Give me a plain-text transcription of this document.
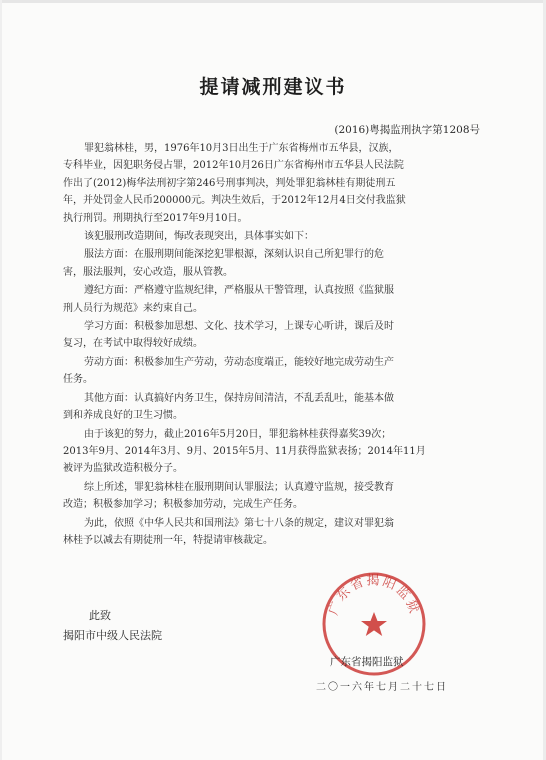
提请减刑建议书
(2016)粤揭监刑执字第1208号
罪犯翁林桂，男，1976年10月3日出生于广东省梅州市五华县，汉族，
专科毕业，因犯职务侵占罪，2012年10月26日广东省梅州市五华县人民法院
作出了(2012)梅华法刑初字第246号刑事判决，判处罪犯翁林桂有期徒刑五
年，并处罚金人民币200000元。判决生效后，于2012年12月4日交付我监狱
执行刑罚。刑期执行至2017年9月10日。
该犯服刑改造期间，悔改表现突出，具体事实如下：
服法方面：在服刑期间能深挖犯罪根源，深刻认识自己所犯罪行的危
害，服法服判，安心改造，服从管教。
遵纪方面：严格遵守监规纪律，严格服从干警管理，认真按照《监狱服
刑人员行为规范》来约束自己。
学习方面：积极参加思想、文化、技术学习，上课专心听讲，课后及时
复习，在考试中取得较好成绩。
劳动方面：积极参加生产劳动，劳动态度端正，能较好地完成劳动生产
任务。
其他方面：认真搞好内务卫生，保持房间清洁，不乱丢乱吐，能基本做
到和养成良好的卫生习惯。
由于该犯的努力，截止2016年5月20日，罪犯翁林桂获得嘉奖39次；
2013年9月、2014年3月、9月、2015年5月、11月获得监狱表扬；2014年11月
被评为监狱改造积极分子。
综上所述，罪犯翁林桂在服刑期间认罪服法；认真遵守监规，接受教育
改造；积极参加学习；积极参加劳动，完成生产任务。
为此，依照《中华人民共和国刑法》第七十八条的规定，建议对罪犯翁
林桂予以减去有期徒刑一年，特提请审核裁定。
此致
揭阳市中级人民法院
广东省揭阳监狱
广东省揭阳监狱
二〇一六年七月二十七日
